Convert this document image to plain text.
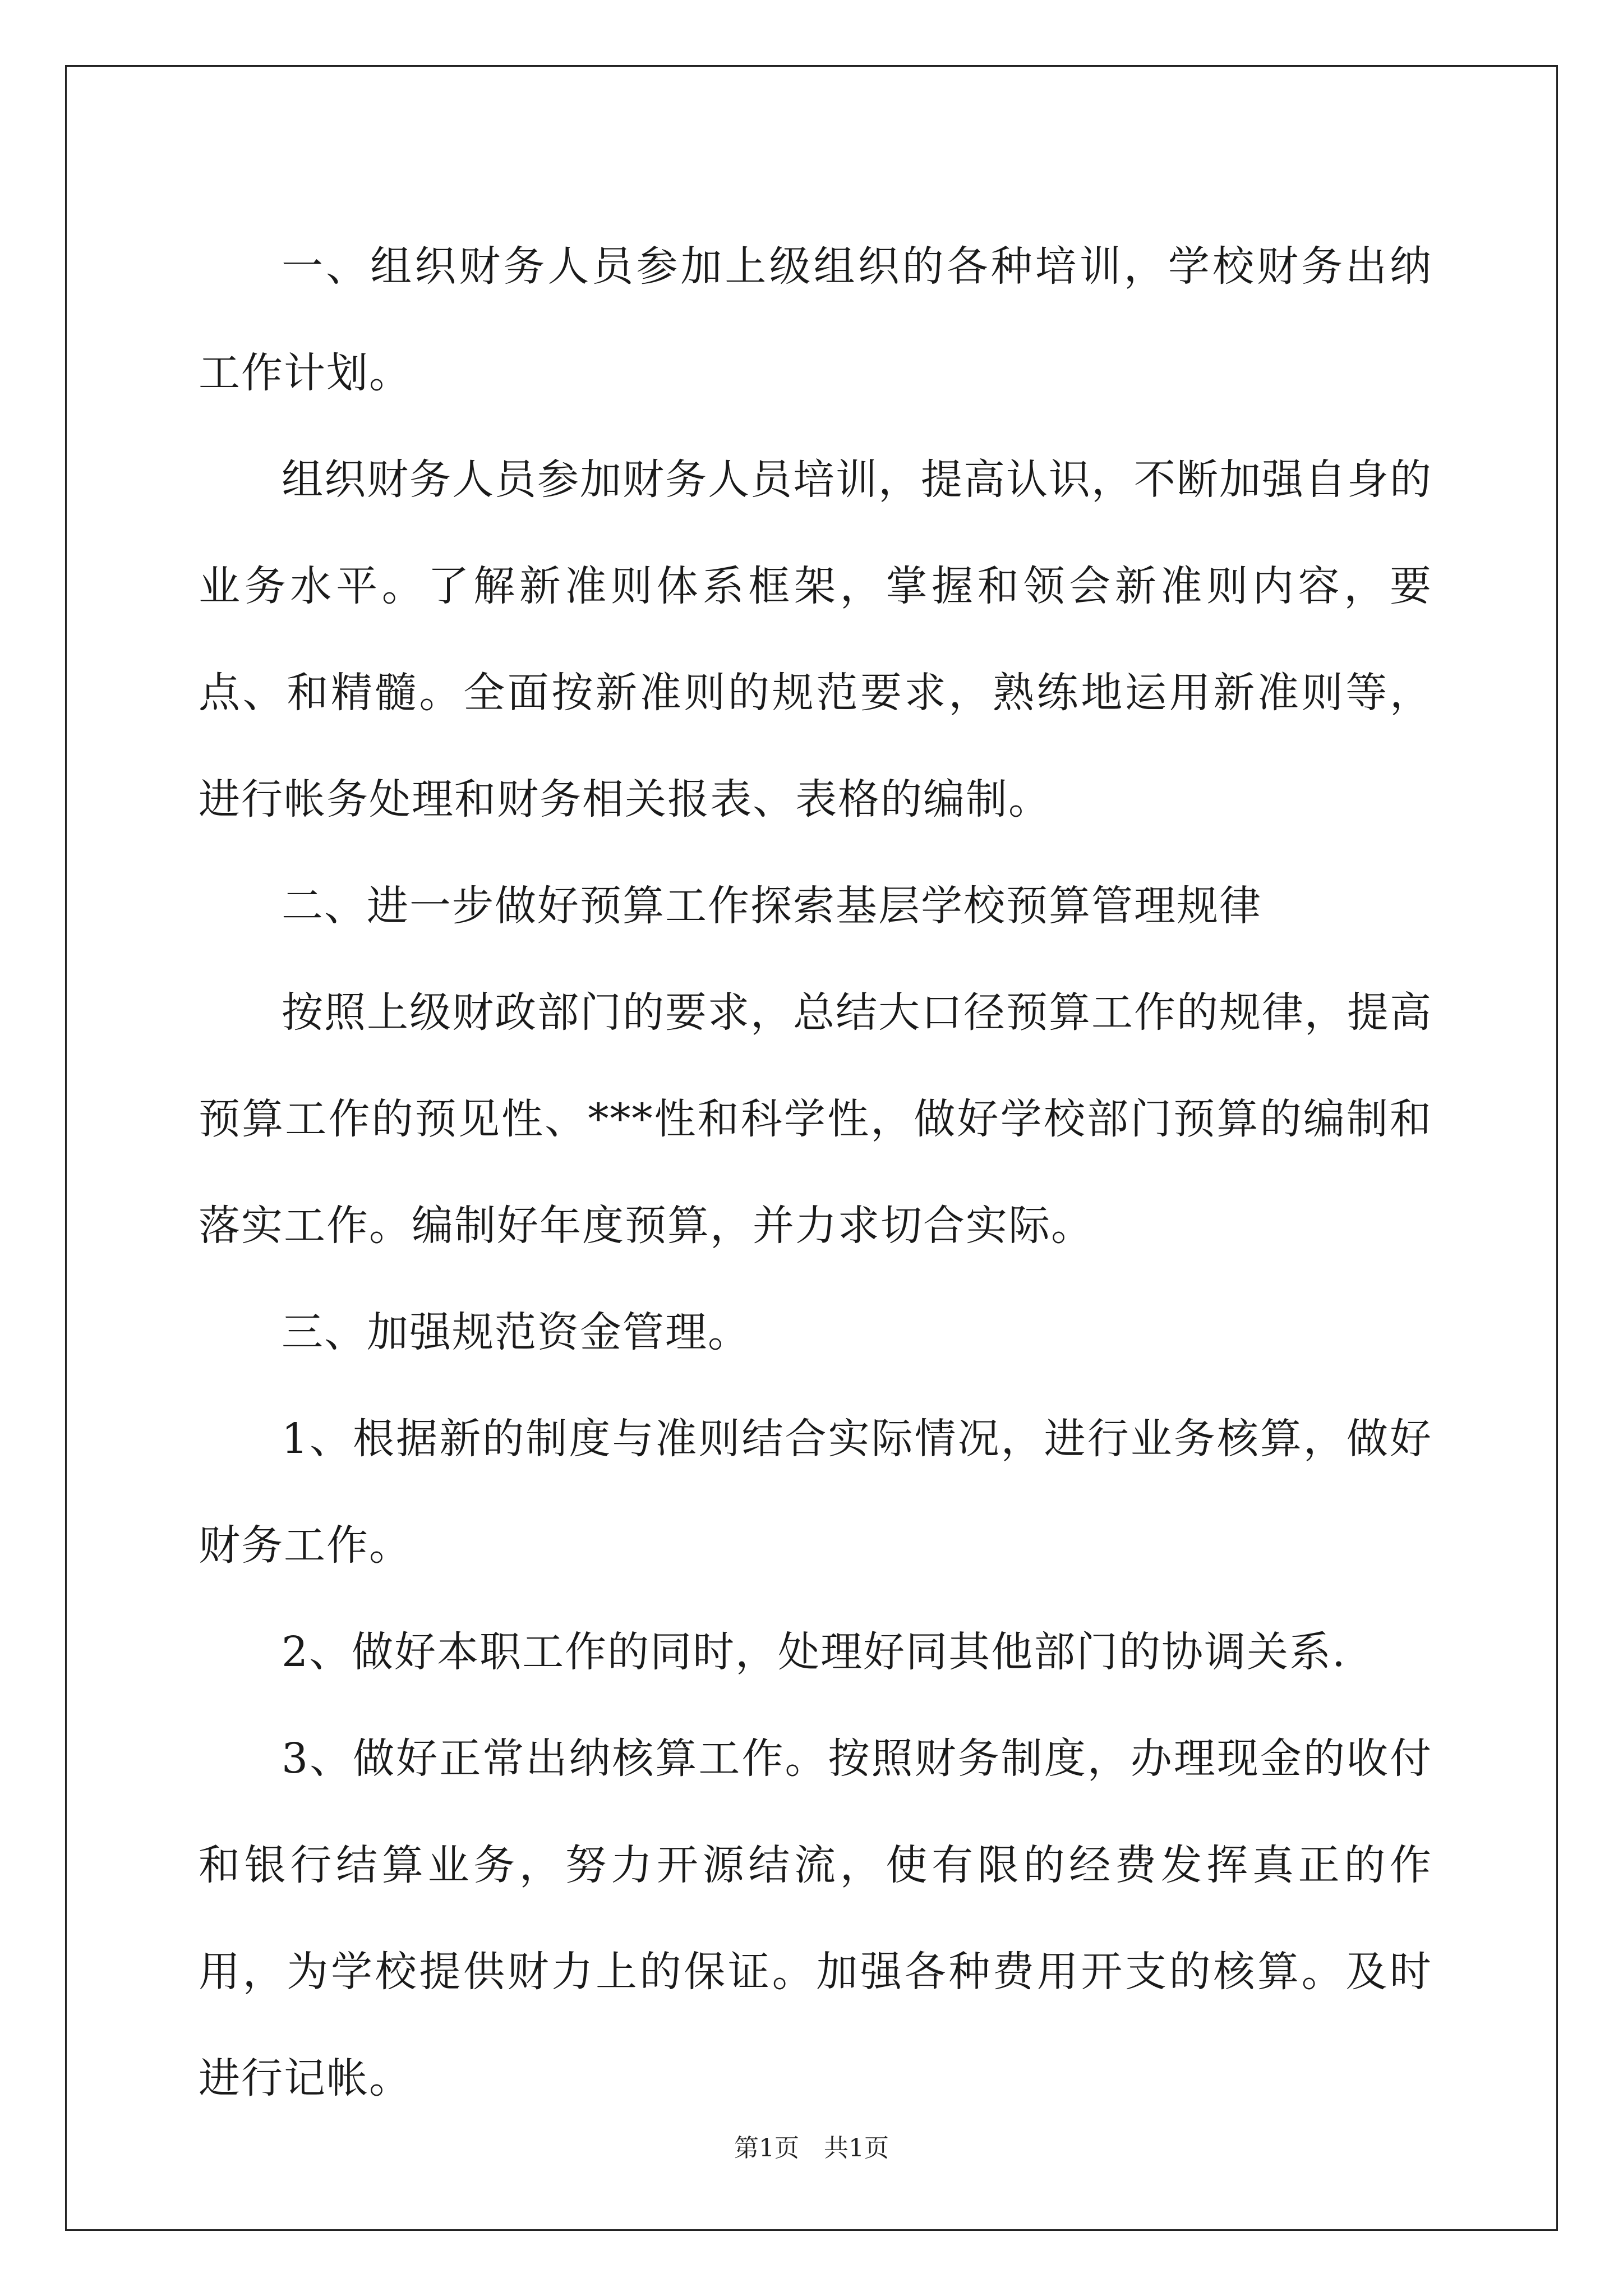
一、组织财务人员参加上级组织的各种培训，学校财务出纳 工作计划。

组织财务人员参加财务人员培训，提高认识，不断加强自身的业务水平。了解新准则体系框架，掌握和领会新准则内容，要点、和精髓。全面按新准则的规范要求，熟练地运用新准则等，进行帐务处理和财务相关报表、表格的编制。

二、进一步做好预算工作探索基层学校预算管理规律

按照上级财政部门的要求，总结大口径预算工作的规律，提高预算工作的预见性、***性和科学性，做好学校部门预算的编制和落实工作。编制好年度预算，并力求切合实际。

三、加强规范资金管理。

1、根据新的制度与准则结合实际情况，进行业务核算，做好财务工作。

2、做好本职工作的同时，处理好同其他部门的协调关系.

3、做好正常出纳核算工作。按照财务制度，办理现金的收付和银行结算业务，努力开源结流，使有限的经费发挥真正的作用，为学校提供财力上的保证。加强各种费用开支的核算。及时进行记帐。

第1页　共1页
